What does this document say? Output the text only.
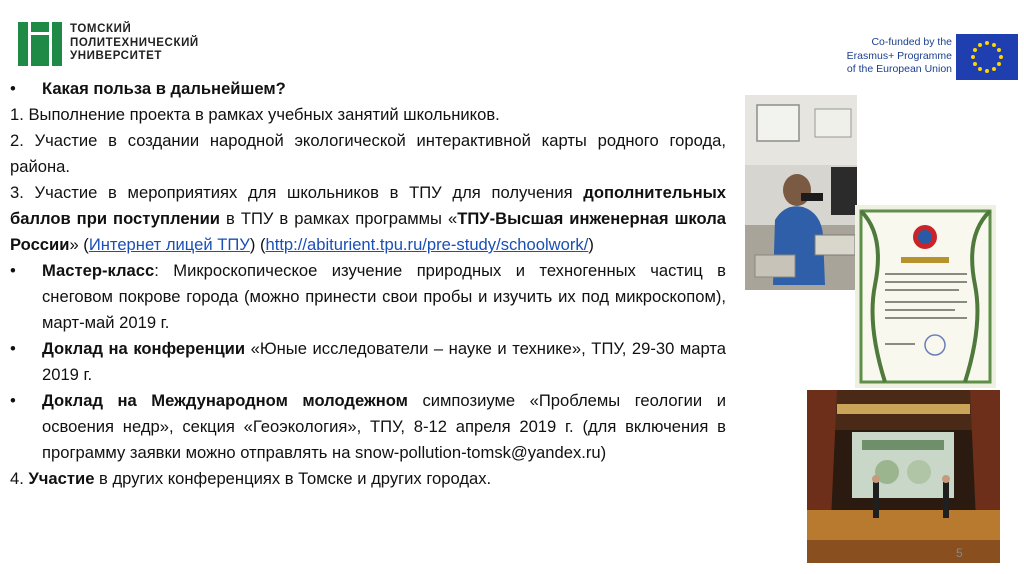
ТОМСКИЙ
ПОЛИТЕХНИЧЕСКИЙ
УНИВЕРСИТЕТ
Co-funded by the
Erasmus+ Programme
of the European Union

• Какая польза в дальнейшем?

1. Выполнение проекта в рамках учебных занятий школьников.

2. Участие в создании народной экологической интерактивной карты родного города, района.

3. Участие в мероприятиях для школьников в ТПУ для получения дополнительных баллов при поступлении в ТПУ в рамках программы «ТПУ-Высшая инженерная школа России» (Интернет лицей ТПУ) (http://abiturient.tpu.ru/pre-study/schoolwork/)

• Мастер-класс: Микроскопическое изучение природных и техногенных частиц в снеговом покрове города (можно принести свои пробы и изучить их под микроскопом), март-май 2019 г.

• Доклад на конференции «Юные исследователи – науке и технике», ТПУ, 29-30 марта 2019 г.

• Доклад на Международном молодежном симпозиуме «Проблемы геологии и освоения недр», секция «Геоэкология», ТПУ, 8-12 апреля 2019 г. (для включения в программу заявки можно отправлять на snow-pollution-tomsk@yandex.ru)

4. Участие в других конференциях в Томске и других городах.

5
